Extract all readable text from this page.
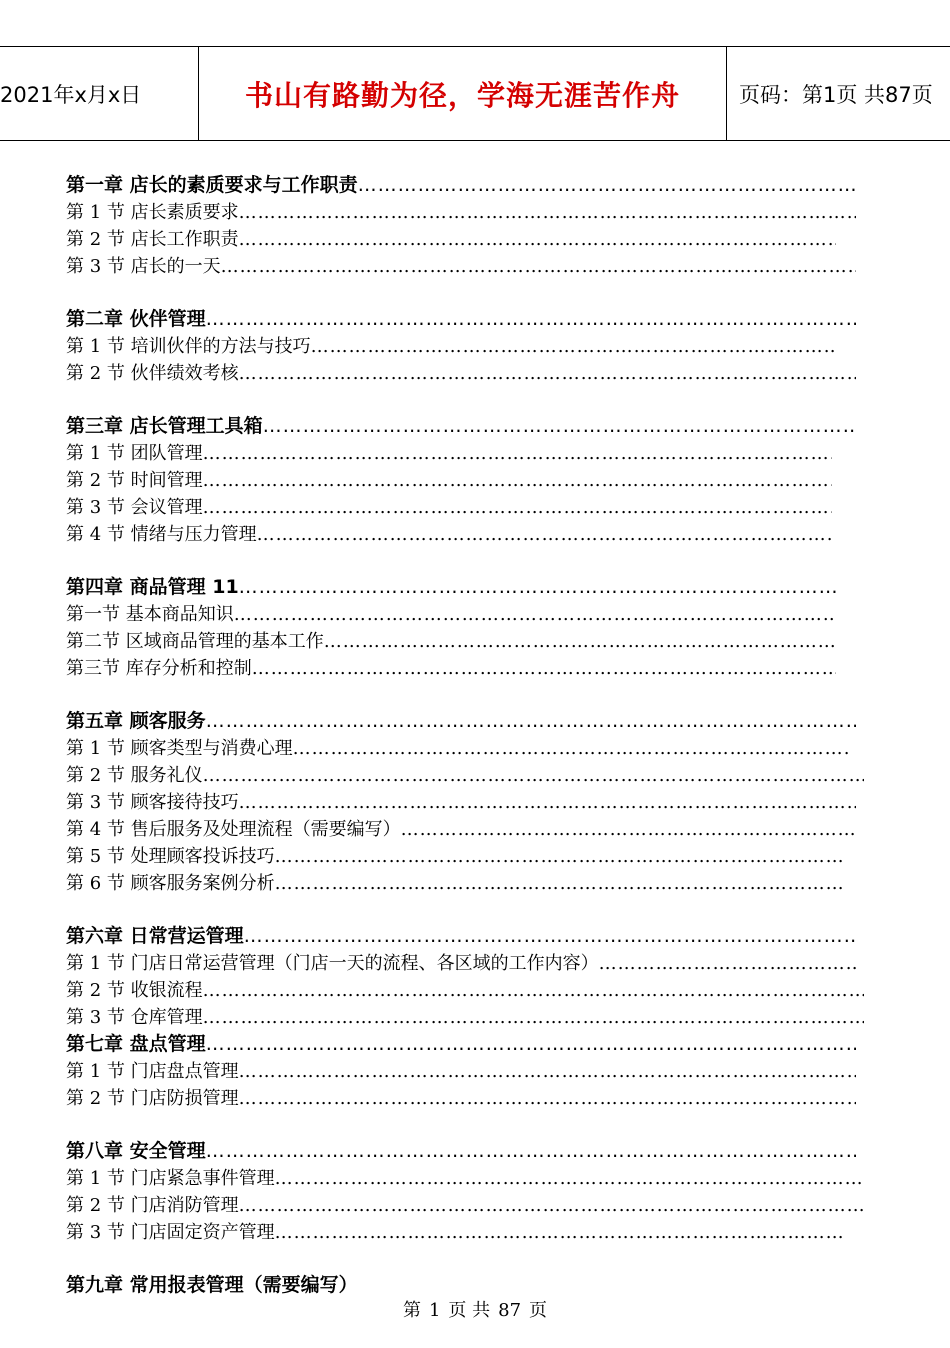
2021年x月x日	书山有路勤为径，学海无涯苦作舟	页码：第1页 共87页
第一章 店长的素质要求与工作职责
……………………………………………………………………………………………………………………………………………………………………………………………………………………
第 1 节 店长素质要求
……………………………………………………………………………………………………………………………………………………………………………………………………………………
第 2 节 店长工作职责
……………………………………………………………………………………………………………………………………………………………………………………………………………………
第 3 节 店长的一天
……………………………………………………………………………………………………………………………………………………………………………………………………………………
第二章 伙伴管理
……………………………………………………………………………………………………………………………………………………………………………………………………………………
第 1 节 培训伙伴的方法与技巧
……………………………………………………………………………………………………………………………………………………………………………………………………………………
第 2 节 伙伴绩效考核
……………………………………………………………………………………………………………………………………………………………………………………………………………………
第三章 店长管理工具箱
……………………………………………………………………………………………………………………………………………………………………………………………………………………
第 1 节 团队管理
……………………………………………………………………………………………………………………………………………………………………………………………………………………
第 2 节 时间管理
……………………………………………………………………………………………………………………………………………………………………………………………………………………
第 3 节 会议管理
……………………………………………………………………………………………………………………………………………………………………………………………………………………
第 4 节 情绪与压力管理
……………………………………………………………………………………………………………………………………………………………………………………………………………………
第四章 商品管理 11
……………………………………………………………………………………………………………………………………………………………………………………………………………………
第一节 基本商品知识
……………………………………………………………………………………………………………………………………………………………………………………………………………………
第二节 区域商品管理的基本工作
……………………………………………………………………………………………………………………………………………………………………………………………………………………
第三节 库存分析和控制
……………………………………………………………………………………………………………………………………………………………………………………………………………………
第五章 顾客服务
……………………………………………………………………………………………………………………………………………………………………………………………………………………
第 1 节 顾客类型与消费心理
……………………………………………………………………………………………………………………………………………………………………………………………………………………
第 2 节 服务礼仪
……………………………………………………………………………………………………………………………………………………………………………………………………………………
第 3 节 顾客接待技巧
……………………………………………………………………………………………………………………………………………………………………………………………………………………
第 4 节 售后服务及处理流程（需要编写）
……………………………………………………………………………………………………………………………………………………………………………………………………………………
第 5 节 处理顾客投诉技巧
……………………………………………………………………………………………………………………………………………………………………………………………………………………
第 6 节 顾客服务案例分析
……………………………………………………………………………………………………………………………………………………………………………………………………………………
第六章 日常营运管理
……………………………………………………………………………………………………………………………………………………………………………………………………………………
第 1 节 门店日常运营管理（门店一天的流程、各区域的工作内容）
……………………………………………………………………………………………………………………………………………………………………………………………………………………
第 2 节 收银流程
……………………………………………………………………………………………………………………………………………………………………………………………………………………
第 3 节 仓库管理
……………………………………………………………………………………………………………………………………………………………………………………………………………………
第七章 盘点管理
……………………………………………………………………………………………………………………………………………………………………………………………………………………
第 1 节 门店盘点管理
……………………………………………………………………………………………………………………………………………………………………………………………………………………
第 2 节 门店防损管理
……………………………………………………………………………………………………………………………………………………………………………………………………………………
第八章 安全管理
……………………………………………………………………………………………………………………………………………………………………………………………………………………
第 1 节 门店紧急事件管理
……………………………………………………………………………………………………………………………………………………………………………………………………………………
第 2 节 门店消防管理
……………………………………………………………………………………………………………………………………………………………………………………………………………………
第 3 节 门店固定资产管理
……………………………………………………………………………………………………………………………………………………………………………………………………………………
第九章 常用报表管理（需要编写）
第 1 页 共 87 页
